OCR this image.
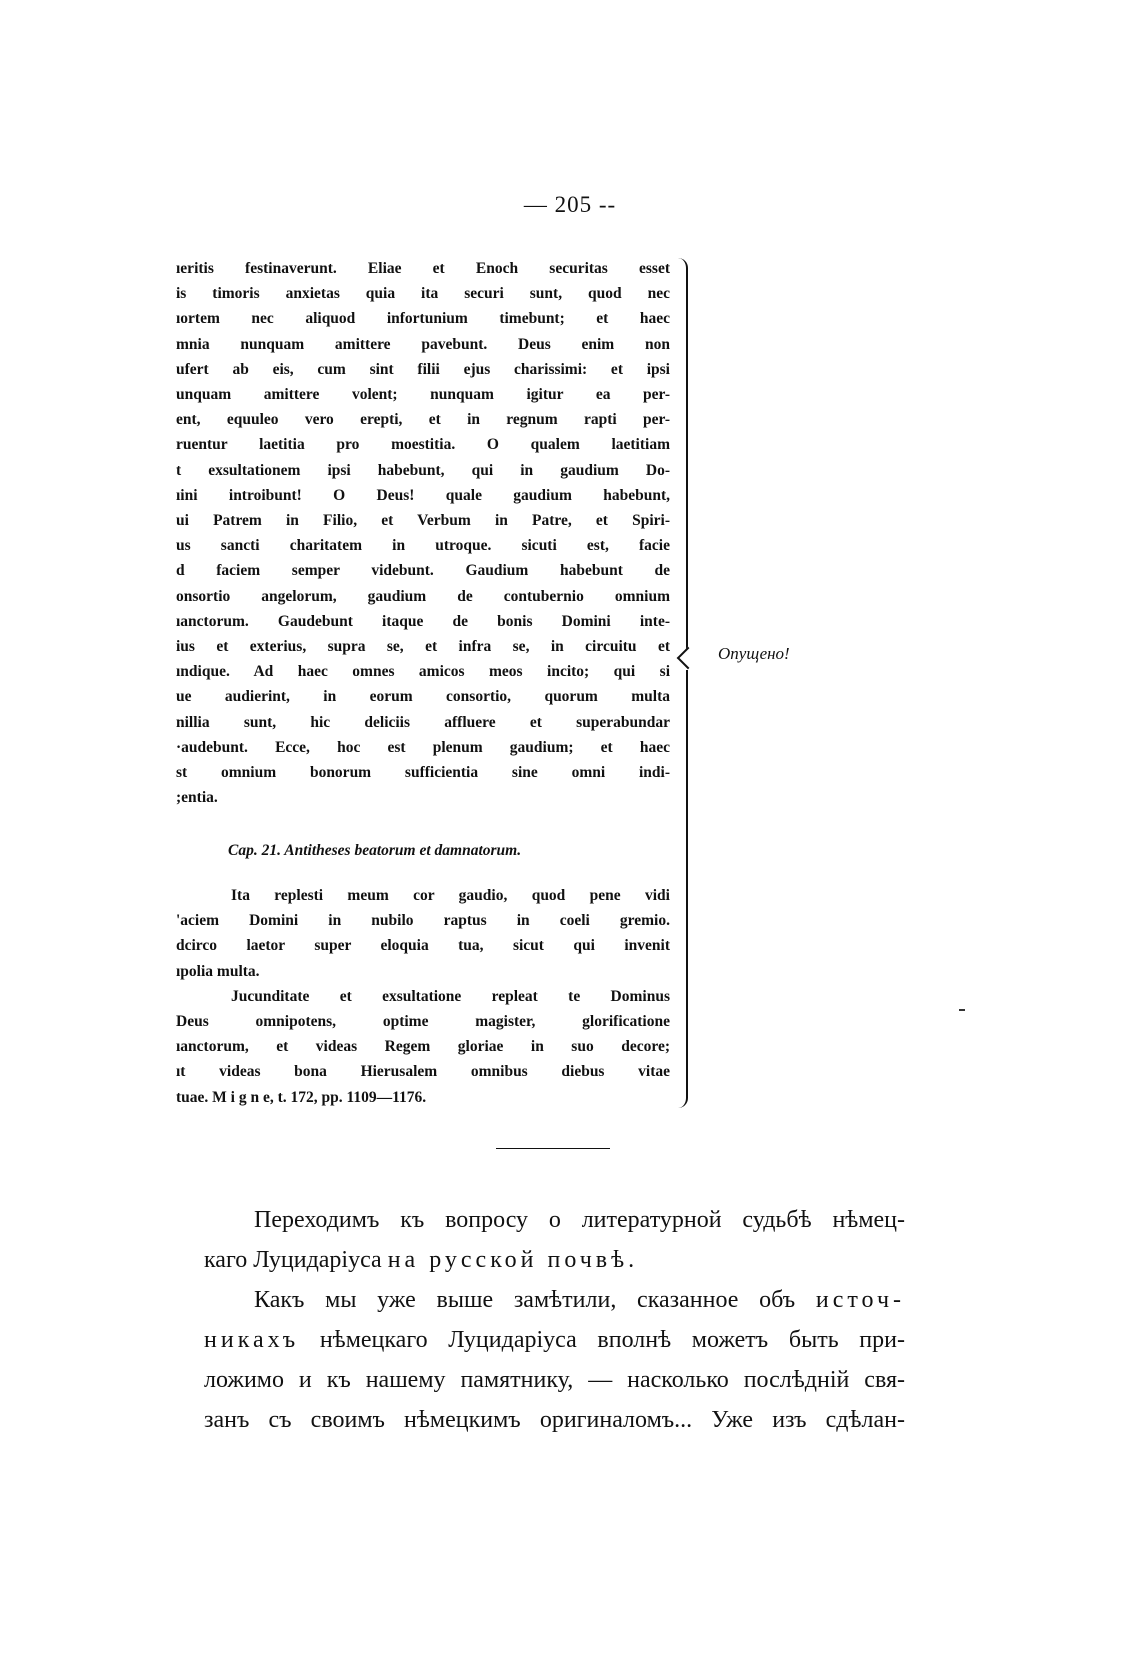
— 205 --
ıeritis festinaverunt. Eliae et Enoch securitas esset
is timoris anxietas quia ita securi sunt, quod nec
ıortem nec aliquod infortunium timebunt; et haec
mnia nunquam amittere pavebunt. Deus enim non
ufert ab eis, cum sint filii ejus charissimi: et ipsi
unquam amittere volent; nunquam igitur ea per-
ent, equuleo vero erepti, et in regnum rapti per-
ruentur laetitia pro moestitia. O qualem laetitiam
t exsultationem ipsi habebunt, qui in gaudium Do-
ıini introibunt! O Deus! quale gaudium habebunt,
ui Patrem in Filio, et Verbum in Patre, et Spiri-
us sancti charitatem in utroque. sicuti est, facie
d faciem semper videbunt. Gaudium habebunt de
onsortio angelorum, gaudium de contubernio omnium
ıanctorum. Gaudebunt itaque de bonis Domini inte-
ius et exterius, supra se, et infra se, in circuitu et
ındique. Ad haec omnes amicos meos incito; qui si
ue audierint, in eorum consortio, quorum multa
nillia sunt, hic deliciis affluere et superabundar
·audebunt. Ecce, hoc est plenum gaudium; et haec
st omnium bonorum sufficientia sine omni indi-
;entia.
Cap. 21. Antitheses beatorum et damnatorum.
Ita replesti meum cor gaudio, quod pene vidi
'aciem Domini in nubilo raptus in coeli gremio.
dcirco laetor super eloquia tua, sicut qui invenit
ıpolia multa.
Jucunditate et exsultatione repleat te Dominus
Deus omnipotens, optime magister, glorificatione
ıanctorum, et videas Regem gloriae in suo decore;
ıt videas bona Hierusalem omnibus diebus vitae
tuae. M i g n e, t. 172, pp. 1109—1176.
Опущено!
Переходимъ къ вопросу о литературной судьбѣ нѣмец-
каго Луцидаріуса на русской почвѣ.
Какъ мы уже выше замѣтили, сказанное объ источ-
никахъ нѣмецкаго Луцидаріуса вполнѣ можетъ быть при-
ложимо и къ нашему памятнику, — насколько послѣдній свя-
занъ съ своимъ нѣмецкимъ оригиналомъ... Уже изъ сдѣлан-
